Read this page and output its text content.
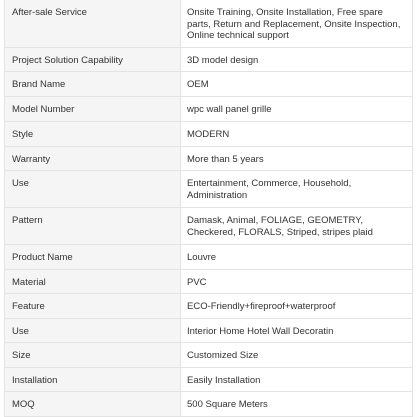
After-sale Service	Onsite Training, Onsite Installation, Free spare parts, Return and Replacement, Onsite Inspection, Online technical support
Project Solution Capability	3D model design
Brand Name	OEM
Model Number	wpc wall panel grille
Style	MODERN
Warranty	More than 5 years
Use	Entertainment, Commerce, Household, Administration
Pattern	Damask, Animal, FOLIAGE, GEOMETRY, Checkered, FLORALS, Striped, stripes plaid
Product Name	Louvre
Material	PVC
Feature	ECO-Friendly+fireproof+waterproof
Use	Interior Home Hotel Wall Decoratin
Size	Customized Size
Installation	Easily Installation
MOQ	500 Square Meters
